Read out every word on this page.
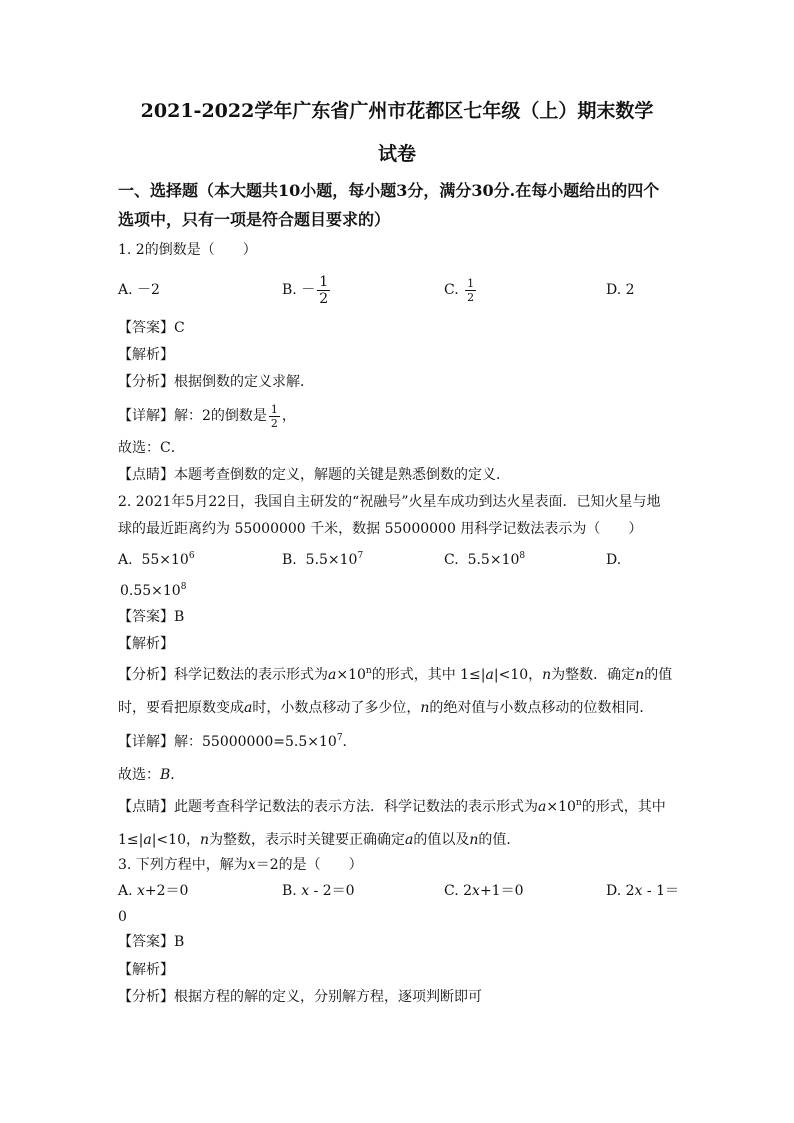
2021-2022学年广东省广州市花都区七年级（上）期末数学
试卷
一、选择题（本大题共10小题，每小题3分，满分30分.在每小题给出的四个
选项中，只有一项是符合题目要求的）
1. 2的倒数是（　　）
A. －2	B. － $\frac{1}{2}$	C. $\frac{1}{2}$	D. 2
【答案】C
【解析】
【分析】根据倒数的定义求解．
【详解】解：2的倒数是 $\frac{1}{2}$ ，
故选：C．
【点睛】本题考查倒数的定义，解题的关键是熟悉倒数的定义．
2. 2021年5月22日，我国自主研发的“祝融号”火星车成功到达火星表面．已知火星与地
球的最近距离约为 55000000 千米，数据 55000000 用科学记数法表示为（　　）
A. $55\times 10^6$	B. $5.5\times 10^7$	C. $5.5\times 10^8$	D.
$0.55\times 10^8$
【答案】B
【解析】
【分析】科学记数法的表示形式为$a\times 10^n$的形式，其中 1≤|a|<10，n为整数．确定n的值
时，要看把原数变成a时，小数点移动了多少位，n的绝对值与小数点移动的位数相同．
【详解】解：$55000000=5.5\times 10^7$．
故选：B．
【点睛】此题考查科学记数法的表示方法．科学记数法的表示形式为$a\times 10^n$的形式，其中
1≤|a|<10，n为整数，表示时关键要正确确定a的值以及n的值．
3. 下列方程中，解为x＝2的是（　　）
A. x+2＝0	B. x - 2＝0	C. 2x+1＝0	D. 2x - 1＝
0
【答案】B
【解析】
【分析】根据方程的解的定义，分别解方程，逐项判断即可
